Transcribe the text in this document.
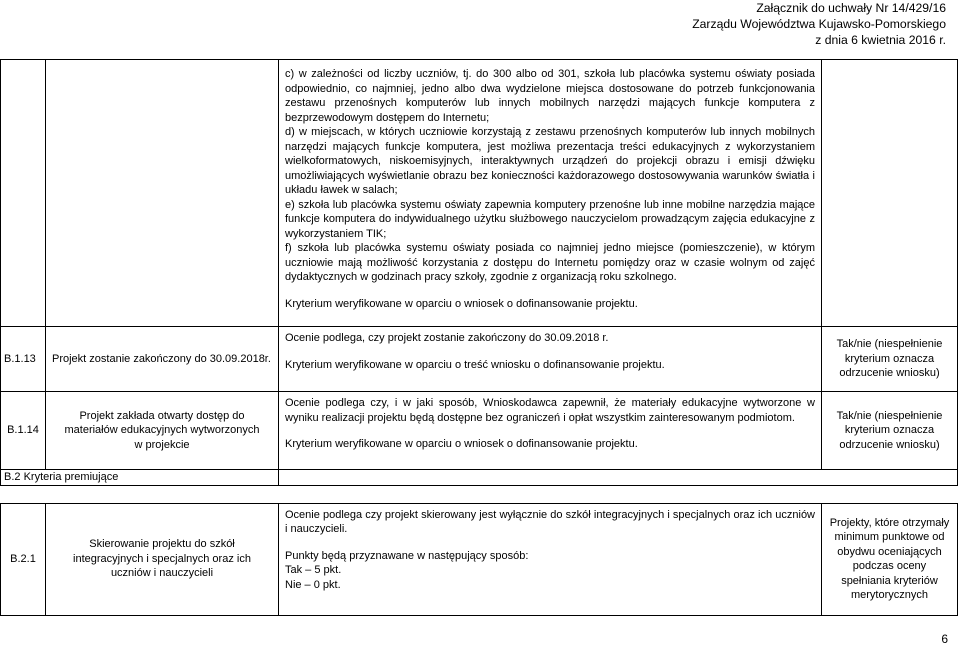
Załącznik do uchwały Nr 14/429/16
Zarządu Województwa Kujawsko-Pomorskiego
z dnia 6 kwietnia 2016 r.

		c) w zależności od liczby uczniów, tj. do 300 albo od 301, szkoła lub placówka systemu oświaty posiada odpowiednio, co najmniej, jedno albo dwa wydzielone miejsca dostosowane do potrzeb funkcjonowania zestawu przenośnych komputerów lub innych mobilnych narzędzi mających funkcje komputera z bezprzewodowym dostępem do Internetu;

d) w miejscach, w których uczniowie korzystają z zestawu przenośnych komputerów lub innych mobilnych narzędzi mających funkcje komputera, jest możliwa prezentacja treści edukacyjnych z wykorzystaniem wielkoformatowych, niskoemisyjnych, interaktywnych urządzeń do projekcji obrazu i emisji dźwięku umożliwiających wyświetlanie obrazu bez konieczności każdorazowego dostosowywania warunków światła i układu ławek w salach;

e) szkoła lub placówka systemu oświaty zapewnia komputery przenośne lub inne mobilne narzędzia mające funkcje komputera do indywidualnego użytku służbowego nauczycielom prowadzącym zajęcia edukacyjne z wykorzystaniem TIK;

f) szkoła lub placówka systemu oświaty posiada co najmniej jedno miejsce (pomieszczenie), w którym uczniowie mają możliwość korzystania z dostępu do Internetu pomiędzy oraz w czasie wolnym od zajęć dydaktycznych w godzinach pracy szkoły, zgodnie z organizacją roku szkolnego.

Kryterium weryfikowane w oparciu o wniosek o dofinansowanie projektu.	

B.1.13	Projekt zostanie zakończony do 30.09.2018r.	Ocenie podlega, czy projekt zostanie zakończony do 30.09.2018 r.

Kryterium weryfikowane w oparciu o treść wniosku o dofinansowanie projektu.	Tak/nie (niespełnienie kryterium oznacza odrzucenie wniosku)
B.1.14	Projekt zakłada otwarty dostęp do materiałów edukacyjnych wytworzonych w projekcie	Ocenie podlega czy, i w jaki sposób, Wnioskodawca zapewnił, że materiały edukacyjne wytworzone w wyniku realizacji projektu będą dostępne bez ograniczeń i opłat wszystkim zainteresowanym podmiotom.

Kryterium weryfikowane w oparciu o wniosek o dofinansowanie projektu.	Tak/nie (niespełnienie kryterium oznacza odrzucenie wniosku)
B.2 Kryteria premiujące			

B.2.1	Skierowanie projektu do szkół integracyjnych i specjalnych oraz ich uczniów i nauczycieli	Ocenie podlega czy projekt skierowany jest wyłącznie do szkół integracyjnych i specjalnych oraz ich uczniów i nauczycieli.

Punkty będą przyznawane w następujący sposób:

Tak – 5 pkt.

Nie – 0 pkt.	Projekty, które otrzymały minimum punktowe od obydwu oceniających podczas oceny spełniania kryteriów merytorycznych
6
